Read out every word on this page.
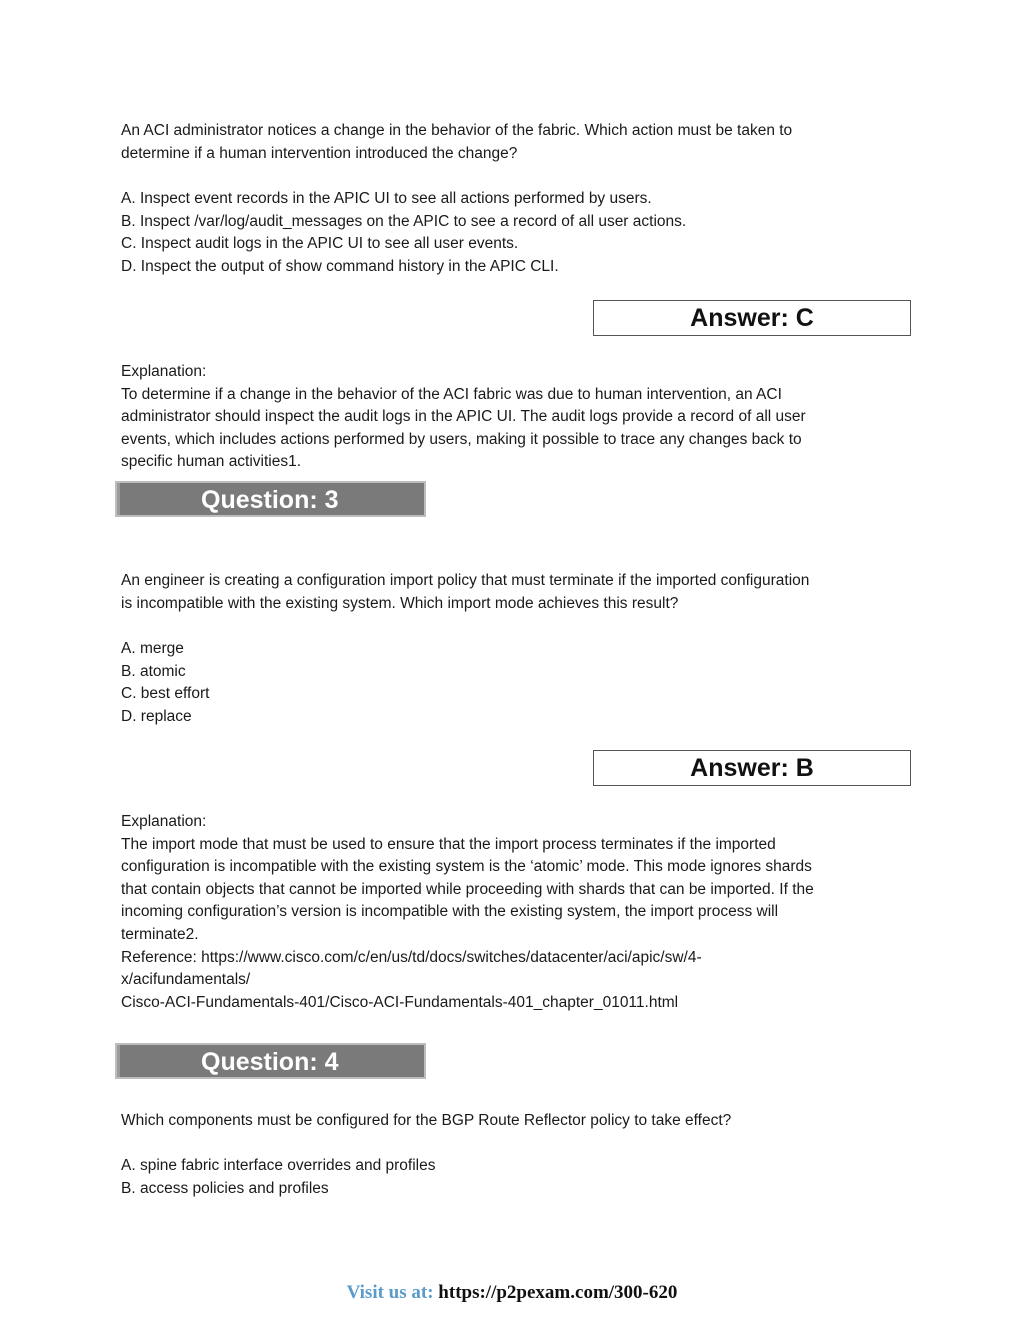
An ACI administrator notices a change in the behavior of the fabric. Which action must be taken to
determine if a human intervention introduced the change?
A. Inspect event records in the APIC UI to see all actions performed by users.
B. Inspect /var/log/audit_messages on the APIC to see a record of all user actions.
C. Inspect audit logs in the APIC UI to see all user events.
D. Inspect the output of show command history in the APIC CLI.
Answer: C
Explanation:
To determine if a change in the behavior of the ACI fabric was due to human intervention, an ACI
administrator should inspect the audit logs in the APIC UI. The audit logs provide a record of all user
events, which includes actions performed by users, making it possible to trace any changes back to
specific human activities1.
Question: 3
An engineer is creating a configuration import policy that must terminate if the imported configuration
is incompatible with the existing system. Which import mode achieves this result?
A. merge
B. atomic
C. best effort
D. replace
Answer: B
Explanation:
The import mode that must be used to ensure that the import process terminates if the imported
configuration is incompatible with the existing system is the ‘atomic’ mode. This mode ignores shards
that contain objects that cannot be imported while proceeding with shards that can be imported. If the
incoming configuration’s version is incompatible with the existing system, the import process will
terminate2.
Reference: https://www.cisco.com/c/en/us/td/docs/switches/datacenter/aci/apic/sw/4-
x/acifundamentals/
Cisco-ACI-Fundamentals-401/Cisco-ACI-Fundamentals-401_chapter_01011.html
Question: 4
Which components must be configured for the BGP Route Reflector policy to take effect?
A. spine fabric interface overrides and profiles
B. access policies and profiles
Visit us at: https://p2pexam.com/300-620
